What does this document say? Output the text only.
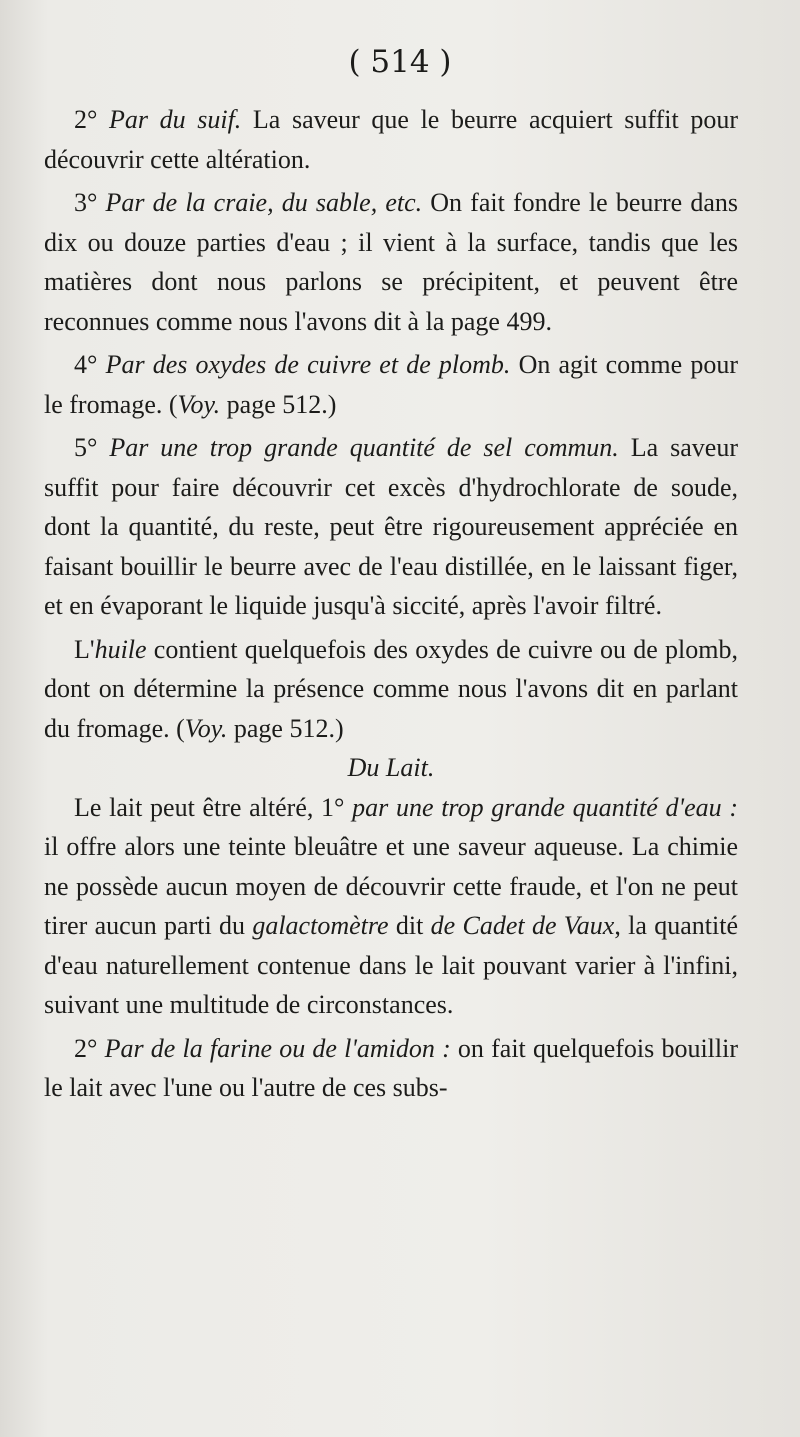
( 514 )

2° Par du suif. La saveur que le beurre acquiert suffit pour découvrir cette altération.

3° Par de la craie, du sable, etc. On fait fondre le beurre dans dix ou douze parties d'eau ; il vient à la surface, tandis que les matières dont nous parlons se précipitent, et peuvent être reconnues comme nous l'avons dit à la page 499.

4° Par des oxydes de cuivre et de plomb. On agit comme pour le fromage. (Voy. page 512.)

5° Par une trop grande quantité de sel commun. La saveur suffit pour faire découvrir cet excès d'hydrochlorate de soude, dont la quantité, du reste, peut être rigoureusement appréciée en faisant bouillir le beurre avec de l'eau distillée, en le laissant figer, et en évaporant le liquide jusqu'à siccité, après l'avoir filtré.

L'huile contient quelquefois des oxydes de cuivre ou de plomb, dont on détermine la présence comme nous l'avons dit en parlant du fromage. (Voy. page 512.)

Du Lait.

Le lait peut être altéré, 1° par une trop grande quantité d'eau : il offre alors une teinte bleuâtre et une saveur aqueuse. La chimie ne possède aucun moyen de découvrir cette fraude, et l'on ne peut tirer aucun parti du galactomètre dit de Cadet de Vaux, la quantité d'eau naturellement contenue dans le lait pouvant varier à l'infini, suivant une multitude de circonstances.

2° Par de la farine ou de l'amidon : on fait quelquefois bouillir le lait avec l'une ou l'autre de ces subs-
